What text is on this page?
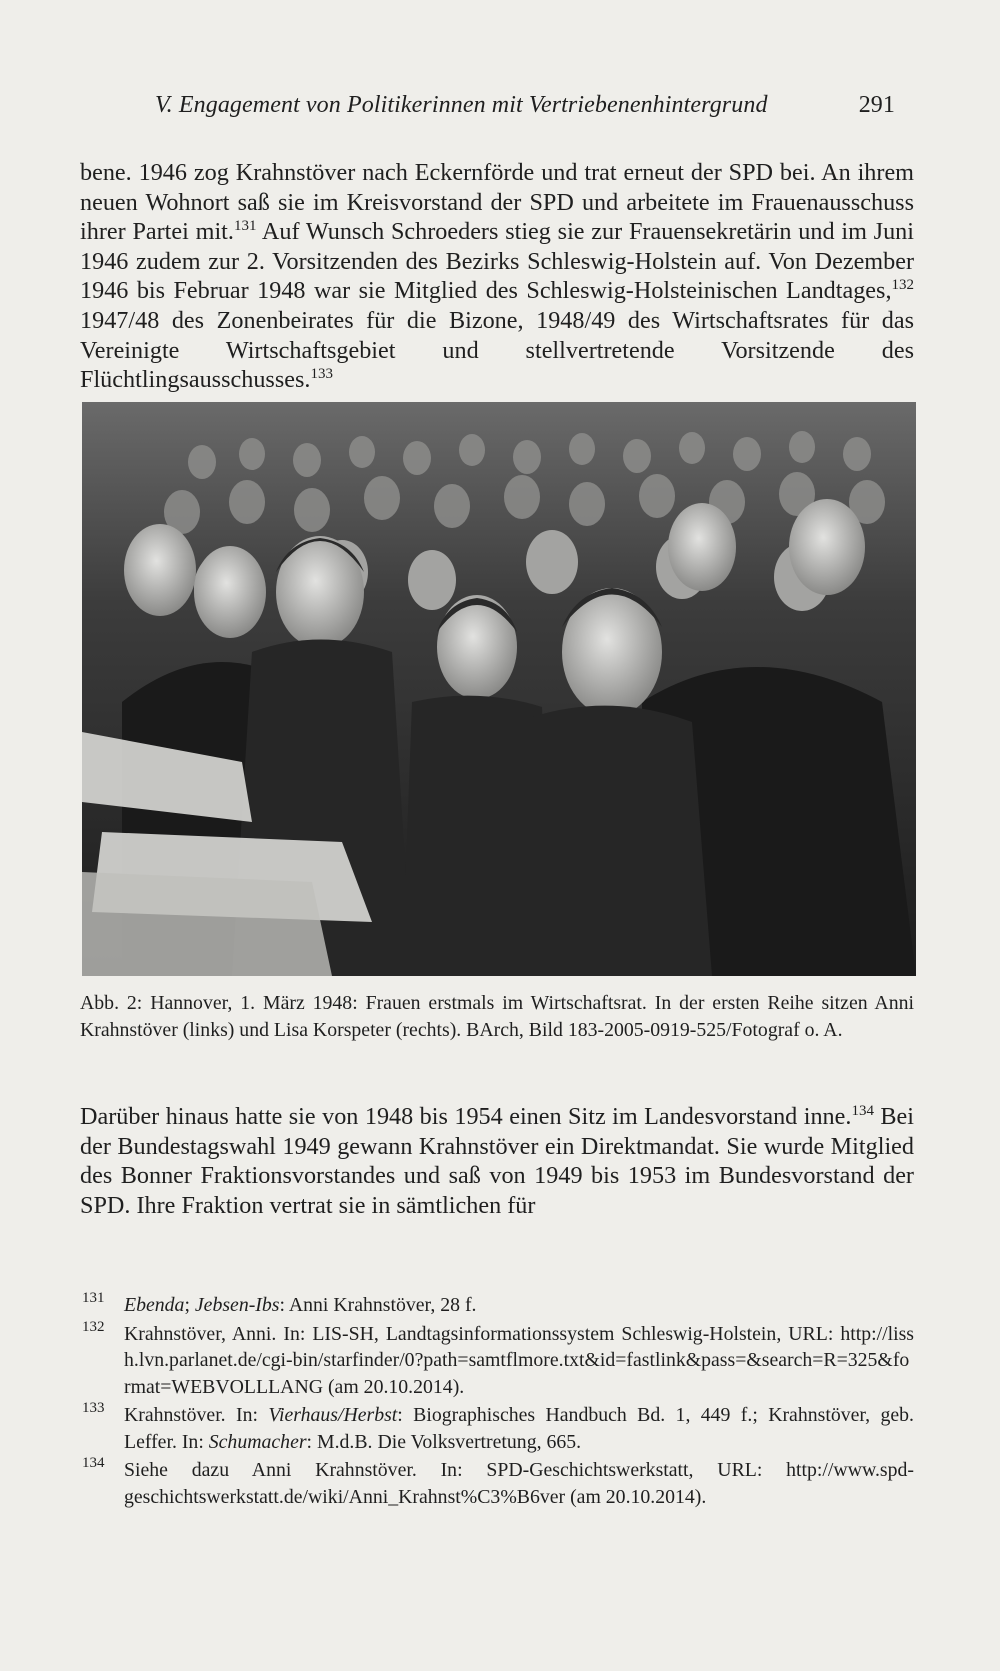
V. Engagement von Politikerinnen mit Vertriebenenhintergrund	291
bene. 1946 zog Krahnstöver nach Eckernförde und trat erneut der SPD bei. An ihrem neuen Wohnort saß sie im Kreisvorstand der SPD und arbeitete im Frauenausschuss ihrer Partei mit.$^{131}$ Auf Wunsch Schroeders stieg sie zur Frauensekretärin und im Juni 1946 zudem zur 2. Vorsitzenden des Bezirks Schleswig-Holstein auf. Von Dezember 1946 bis Februar 1948 war sie Mitglied des Schleswig-Holsteinischen Landtages,$^{132}$ 1947/48 des Zonenbeirates für die Bizone, 1948/49 des Wirtschaftsrates für das Vereinigte Wirtschaftsgebiet und stellvertretende Vorsitzende des Flüchtlingsausschusses.$^{133}$
Abb. 2: Hannover, 1. März 1948: Frauen erstmals im Wirtschaftsrat. In der ersten Reihe sitzen Anni Krahnstöver (links) und Lisa Korspeter (rechts). BArch, Bild 183-2005-0919-525/Fotograf o. A.
Darüber hinaus hatte sie von 1948 bis 1954 einen Sitz im Landesvorstand inne.$^{134}$ Bei der Bundestagswahl 1949 gewann Krahnstöver ein Direktmandat. Sie wurde Mitglied des Bonner Fraktionsvorstandes und saß von 1949 bis 1953 im Bundesvorstand der SPD. Ihre Fraktion vertrat sie in sämtlichen für
131 Ebenda; Jebsen-Ibs: Anni Krahnstöver, 28 f.
132 Krahnstöver, Anni. In: LIS-SH, Landtagsinformationssystem Schleswig-Holstein, URL: http://lissh.lvn.parlanet.de/cgi-bin/starfinder/0?path=samtflmore.txt&id=fastlink&pass=&search=R=325&format=WEBVOLLLANG (am 20.10.2014).
133 Krahnstöver. In: Vierhaus/Herbst: Biographisches Handbuch Bd. 1, 449 f.; Krahnstöver, geb. Leffer. In: Schumacher: M.d.B. Die Volksvertretung, 665.
134 Siehe dazu Anni Krahnstöver. In: SPD-Geschichtswerkstatt, URL: http://www.spd-geschichtswerkstatt.de/wiki/Anni_Krahnst%C3%B6ver (am 20.10.2014).
